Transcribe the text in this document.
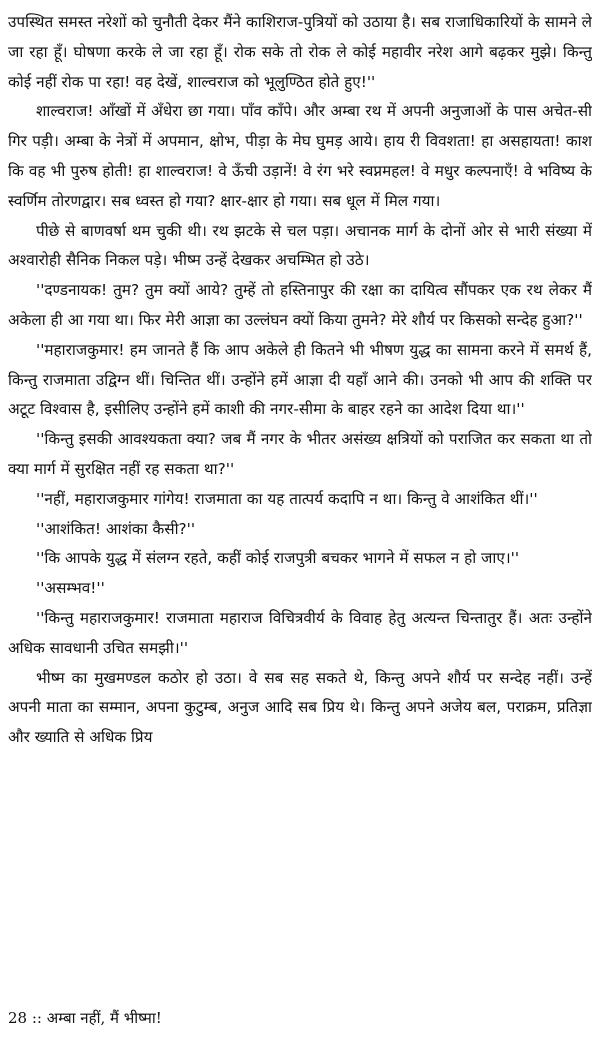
उपस्थित समस्त नरेशों को चुनौती देकर मैंने काशिराज-पुत्रियों को उठाया है। सब राजाधिकारियों के सामने ले जा रहा हूँ। घोषणा करके ले जा रहा हूँ। रोक सके तो रोक ले कोई महावीर नरेश आगे बढ़कर मुझे। किन्तु कोई नहीं रोक पा रहा! वह देखें, शाल्वराज को भूलुण्ठित होते हुए!''

शाल्वराज! आँखों में अँधेरा छा गया। पाँव काँपे। और अम्बा रथ में अपनी अनुजाओं के पास अचेत-सी गिर पड़ी। अम्बा के नेत्रों में अपमान, क्षोभ, पीड़ा के मेघ घुमड़ आये। हाय री विवशता! हा असहायता! काश कि वह भी पुरुष होती! हा शाल्वराज! वे ऊँची उड़ानें! वे रंग भरे स्वप्नमहल! वे मधुर कल्पनाएँ! वे भविष्य के स्वर्णिम तोरणद्वार। सब ध्वस्त हो गया? क्षार-क्षार हो गया। सब धूल में मिल गया।

पीछे से बाणवर्षा थम चुकी थी। रथ झटके से चल पड़ा। अचानक मार्ग के दोनों ओर से भारी संख्या में अश्वारोही सैनिक निकल पड़े। भीष्म उन्हें देखकर अचम्भित हो उठे।

''दण्डनायक! तुम? तुम क्यों आये? तुम्हें तो हस्तिनापुर की रक्षा का दायित्व सौंपकर एक रथ लेकर मैं अकेला ही आ गया था। फिर मेरी आज्ञा का उल्लंघन क्यों किया तुमने? मेरे शौर्य पर किसको सन्देह हुआ?''

''महाराजकुमार! हम जानते हैं कि आप अकेले ही कितने भी भीषण युद्ध का सामना करने में समर्थ हैं, किन्तु राजमाता उद्विग्न थीं। चिन्तित थीं। उन्होंने हमें आज्ञा दी यहाँ आने की। उनको भी आप की शक्ति पर अटूट विश्वास है, इसीलिए उन्होंने हमें काशी की नगर-सीमा के बाहर रहने का आदेश दिया था।''

''किन्तु इसकी आवश्यकता क्या? जब मैं नगर के भीतर असंख्य क्षत्रियों को पराजित कर सकता था तो क्या मार्ग में सुरक्षित नहीं रह सकता था?''

''नहीं, महाराजकुमार गांगेय! राजमाता का यह तात्पर्य कदापि न था। किन्तु वे आशंकित थीं।''

''आशंकित! आशंका कैसी?''

''कि आपके युद्ध में संलग्न रहते, कहीं कोई राजपुत्री बचकर भागने में सफल न हो जाए।''

''असम्भव!''

''किन्तु महाराजकुमार! राजमाता महाराज विचित्रवीर्य के विवाह हेतु अत्यन्त चिन्तातुर हैं। अतः उन्होंने अधिक सावधानी उचित समझी।''

भीष्म का मुखमण्डल कठोर हो उठा। वे सब सह सकते थे, किन्तु अपने शौर्य पर सन्देह नहीं। उन्हें अपनी माता का सम्मान, अपना कुटुम्ब, अनुज आदि सब प्रिय थे। किन्तु अपने अजेय बल, पराक्रम, प्रतिज्ञा और ख्याति से अधिक प्रिय

28 :: अम्बा नहीं, मैं भीष्मा!
